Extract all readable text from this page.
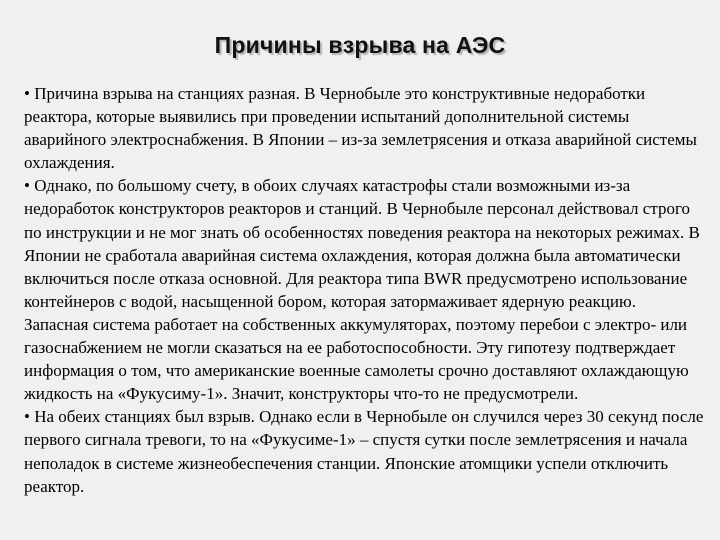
Причины взрыва на АЭС

• Причина взрыва на станциях разная. В Чернобыле это конструктивные недоработки реактора, которые выявились при проведении испытаний дополнительной системы аварийного электроснабжения. В Японии – из-за землетрясения и отказа аварийной системы охлаждения.

• Однако, по большому счету, в обоих случаях катастрофы стали возможными из-за недоработок конструкторов реакторов и станций. В Чернобыле персонал действовал строго по инструкции и не мог знать об особенностях поведения реактора на некоторых режимах. В Японии не сработала аварийная система охлаждения, которая должна была автоматически включиться после отказа основной. Для реактора типа BWR предусмотрено использование контейнеров с водой, насыщенной бором, которая затормаживает ядерную реакцию. Запасная система работает на собственных аккумуляторах, поэтому перебои с электро- или газоснабжением не могли сказаться на ее работоспособности. Эту гипотезу подтверждает информация о том, что американские военные самолеты срочно доставляют охлаждающую жидкость на «Фукусиму-1». Значит, конструкторы что-то не предусмотрели.

• На обеих станциях был взрыв. Однако если в Чернобыле он случился через 30 секунд после первого сигнала тревоги, то на «Фукусиме-1» – спустя сутки после землетрясения и начала неполадок в системе жизнеобеспечения станции. Японские атомщики успели отключить реактор.
